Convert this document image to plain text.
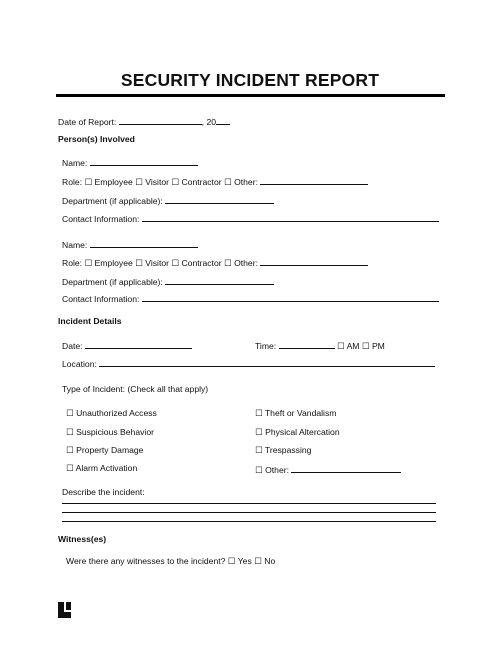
SECURITY INCIDENT REPORT
Date of Report:	, 20
Person(s) Involved
Name:
Role: ☐ Employee ☐ Visitor ☐ Contractor ☐ Other:
Department (if applicable):
Contact Information:
Name:
Role: ☐ Employee ☐ Visitor ☐ Contractor ☐ Other:
Department (if applicable):
Contact Information:
Incident Details
Date:	Time:	☐ AM ☐ PM
Location:
Type of Incident: (Check all that apply)
☐ Unauthorized Access
☐ Suspicious Behavior
☐ Property Damage
☐ Alarm Activation
☐ Theft or Vandalism
☐ Physical Altercation
☐ Trespassing
☐ Other:
Describe the incident:
Witness(es)
Were there any witnesses to the incident? ☐ Yes ☐ No
